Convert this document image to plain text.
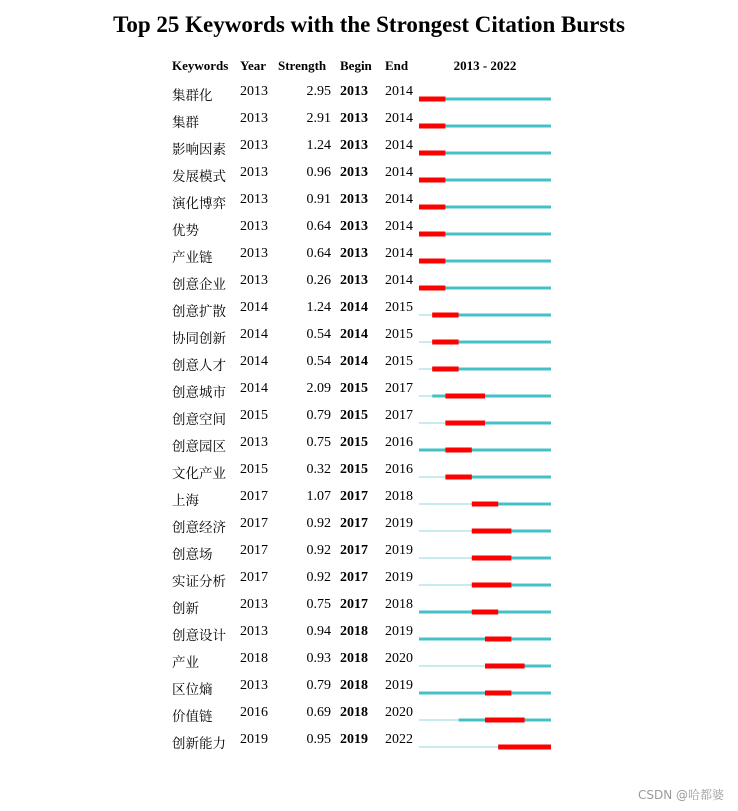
Top 25 Keywords with the Strongest Citation Bursts
Keywords Year Strength Begin End	2013 - 2022
集群化 2013	2.95 2013 2014
集群	2013	2.91 2013 2014
影响因素 2013	1.24 2013 2014
发展模式 2013	0.96 2013 2014
演化博弈 2013	0.91 2013 2014
优势	2013	0.64 2013 2014
产业链 2013	0.64 2013 2014
创意企业 2013	0.26 2013 2014
创意扩散 2014	1.24 2014 2015
协同创新 2014	0.54 2014 2015
创意人才 2014	0.54 2014 2015
创意城市 2014	2.09 2015 2017
创意空间 2015	0.79 2015 2017
创意园区 2013	0.75 2015 2016
文化产业 2015	0.32 2015 2016
上海	2017	1.07 2017 2018
创意经济 2017	0.92 2017 2019
创意场 2017	0.92 2017 2019
实证分析 2017	0.92 2017 2019
创新	2013	0.75 2017 2018
创意设计 2013	0.94 2018 2019
产业	2018	0.93 2018 2020
区位熵 2013	0.79 2018 2019
价值链 2016	0.69 2018 2020
创新能力 2019	0.95 2019 2022
CSDN @哈都婆
